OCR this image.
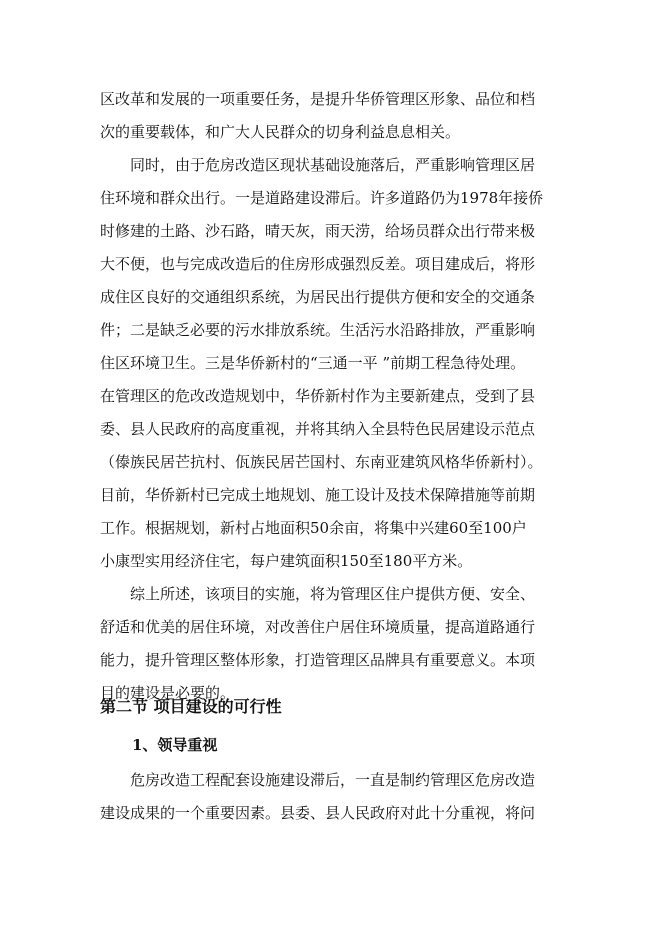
区改革和发展的一项重要任务，是提升华侨管理区形象、品位和档
次的重要载体，和广大人民群众的切身利益息息相关。
同时，由于危房改造区现状基础设施落后，严重影响管理区居
住环境和群众出行。一是道路建设滞后。许多道路仍为1978年接侨
时修建的土路、沙石路，晴天灰，雨天涝，给场员群众出行带来极
大不便，也与完成改造后的住房形成强烈反差。项目建成后，将形
成住区良好的交通组织系统，为居民出行提供方便和安全的交通条
件；二是缺乏必要的污水排放系统。生活污水沿路排放，严重影响
住区环境卫生。三是华侨新村的“三通一平 ”前期工程急待处理。
在管理区的危改改造规划中，华侨新村作为主要新建点，受到了县
委、县人民政府的高度重视，并将其纳入全县特色民居建设示范点
（傣族民居芒抗村、佤族民居芒国村、东南亚建筑风格华侨新村）。
目前，华侨新村已完成土地规划、施工设计及技术保障措施等前期
工作。根据规划，新村占地面积50余亩，将集中兴建60至100户
小康型实用经济住宅，每户建筑面积150至180平方米。
综上所述，该项目的实施，将为管理区住户提供方便、安全、
舒适和优美的居住环境，对改善住户居住环境质量，提高道路通行
能力，提升管理区整体形象，打造管理区品牌具有重要意义。本项
目的建设是必要的。
第二节 项目建设的可行性
1、领导重视
危房改造工程配套设施建设滞后，一直是制约管理区危房改造
建设成果的一个重要因素。县委、县人民政府对此十分重视，将问
